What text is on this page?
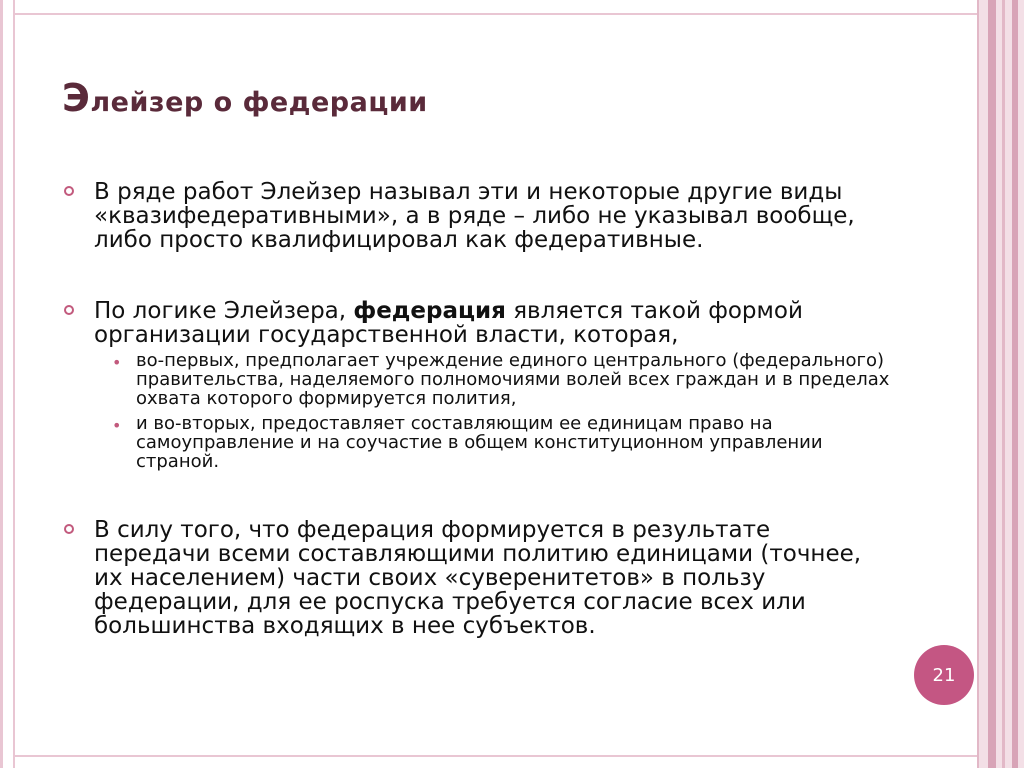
Элейзер о федерации
В ряде работ Элейзер называл эти и некоторые другие виды «квазифедеративными», а в ряде – либо не указывал вообще, либо просто квалифицировал как федеративные.
По логике Элейзера, федерация является такой формой организации государственной власти, которая,
• во-первых, предполагает учреждение единого центрального (федерального) правительства, наделяемого полномочиями волей всех граждан и в пределах охвата которого формируется полития,
• и во-вторых, предоставляет составляющим ее единицам право на самоуправление и на соучастие в общем конституционном управлении страной.
В силу того, что федерация формируется в результате передачи всеми составляющими политию единицами (точнее, их населением) части своих «суверенитетов» в пользу федерации, для ее роспуска требуется согласие всех или большинства входящих в нее субъектов.
21
